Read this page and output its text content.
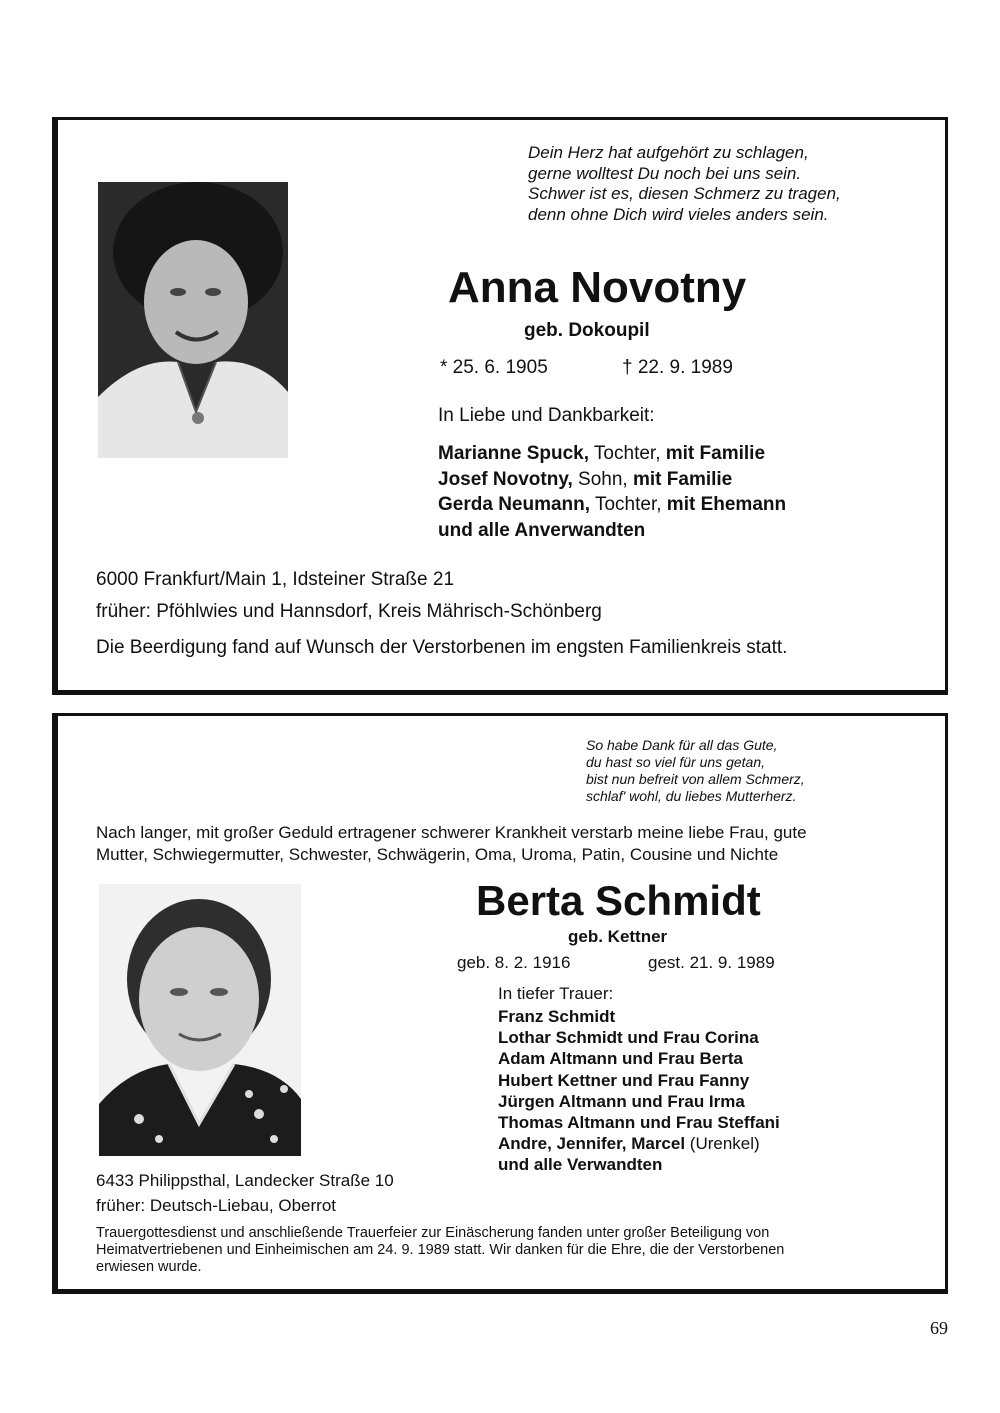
Dein Herz hat aufgehört zu schlagen,
gerne wolltest Du noch bei uns sein.
Schwer ist es, diesen Schmerz zu tragen,
denn ohne Dich wird vieles anders sein.
Anna Novotny
geb. Dokoupil
* 25. 6. 1905	† 22. 9. 1989
In Liebe und Dankbarkeit:
Marianne Spuck, Tochter, mit Familie
Josef Novotny, Sohn, mit Familie
Gerda Neumann, Tochter, mit Ehemann
und alle Anverwandten
6000 Frankfurt/Main 1, Idsteiner Straße 21
früher: Pföhlwies und Hannsdorf, Kreis Mährisch-Schönberg
Die Beerdigung fand auf Wunsch der Verstorbenen im engsten Familienkreis statt.
So habe Dank für all das Gute,
du hast so viel für uns getan,
bist nun befreit von allem Schmerz,
schlaf' wohl, du liebes Mutterherz.
Nach langer, mit großer Geduld ertragener schwerer Krankheit verstarb meine liebe Frau, gute
Mutter, Schwiegermutter, Schwester, Schwägerin, Oma, Uroma, Patin, Cousine und Nichte
Berta Schmidt
geb. Kettner
geb. 8. 2. 1916	gest. 21. 9. 1989
In tiefer Trauer:
Franz Schmidt
Lothar Schmidt und Frau Corina
Adam Altmann und Frau Berta
Hubert Kettner und Frau Fanny
Jürgen Altmann und Frau Irma
Thomas Altmann und Frau Steffani
Andre, Jennifer, Marcel (Urenkel)
und alle Verwandten
6433 Philippsthal, Landecker Straße 10
früher: Deutsch-Liebau, Oberrot
Trauergottesdienst und anschließende Trauerfeier zur Einäscherung fanden unter großer Beteiligung von
Heimatvertriebenen und Einheimischen am 24. 9. 1989 statt. Wir danken für die Ehre, die der Verstorbenen
erwiesen wurde.
69
